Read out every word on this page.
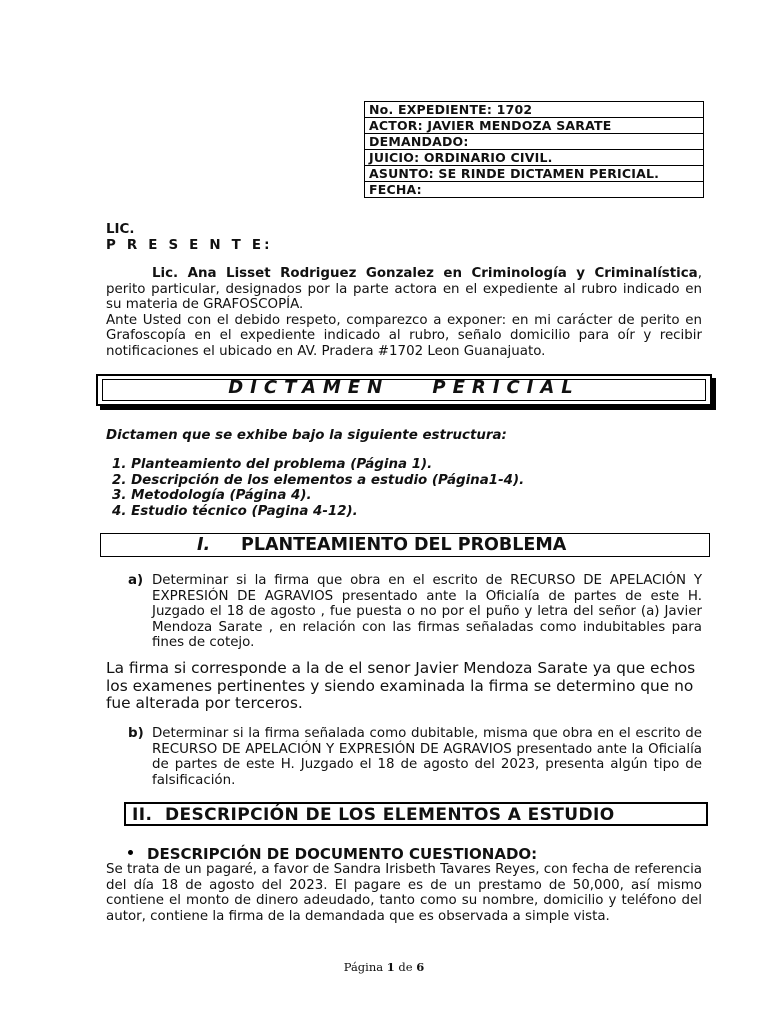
No. EXPEDIENTE: 1702
ACTOR: JAVIER MENDOZA SARATE
DEMANDADO:
JUICIO: ORDINARIO CIVIL.
ASUNTO: SE RINDE DICTAMEN PERICIAL.
FECHA:
LIC.
P R E S E N T E:

Lic. Ana Lisset Rodriguez Gonzalez en Criminología y Criminalística, perito particular, designados por la parte actora en el expediente al rubro indicado en su materia de GRAFOSCOPÍA.

Ante Usted con el debido respeto, comparezco a exponer: en mi carácter de perito en Grafoscopía en el expediente indicado al rubro, señalo domicilio para oír y recibir notificaciones el ubicado en AV. Pradera #1702 Leon Guanajuato.

DICTAMEN PERICIAL
Dictamen que se exhibe bajo la siguiente estructura:
1. Planteamiento del problema (Página 1).
2. Descripción de los elementos a estudio (Página1-4).
3. Metodología (Página 4).
4. Estudio técnico (Pagina 4-12).
I. PLANTEAMIENTO DEL PROBLEMA
a) Determinar si la firma que obra en el escrito de RECURSO DE APELACIÓN Y EXPRESIÓN DE AGRAVIOS presentado ante la Oficialía de partes de este H. Juzgado el 18 de agosto , fue puesta o no por el puño y letra del señor (a) Javier Mendoza Sarate , en relación con las firmas señaladas como indubitables para fines de cotejo.
La firma si corresponde a la de el senor Javier Mendoza Sarate ya que echos los examenes pertinentes y siendo examinada la firma se determino que no fue alterada por terceros.
b) Determinar si la firma señalada como dubitable, misma que obra en el escrito de RECURSO DE APELACIÓN Y EXPRESIÓN DE AGRAVIOS presentado ante la Oficialía de partes de este H. Juzgado el 18 de agosto del 2023, presenta algún tipo de falsificación.
II.  DESCRIPCIÓN DE LOS ELEMENTOS A ESTUDIO
DESCRIPCIÓN DE DOCUMENTO CUESTIONADO:
Se trata de un pagaré, a favor de Sandra Irisbeth Tavares Reyes, con fecha de referencia del día 18 de agosto del 2023. El pagare es de un prestamo de 50,000, así mismo contiene el monto de dinero adeudado, tanto como su nombre, domicilio y teléfono del autor, contiene la firma de la demandada que es observada a simple vista.
Página 1 de 6
